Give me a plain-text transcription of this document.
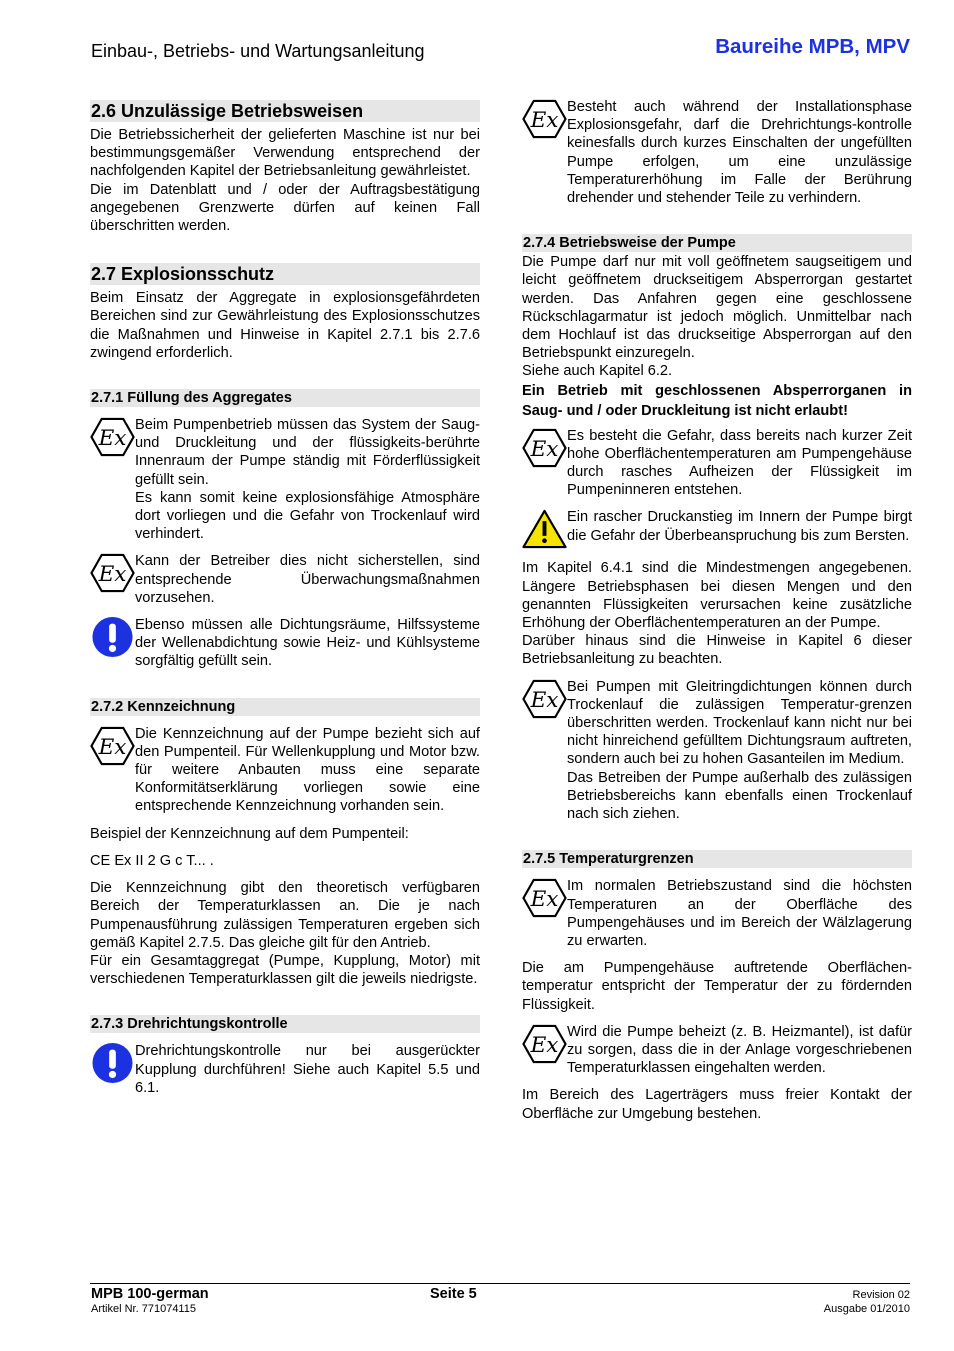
Einbau-, Betriebs- und Wartungsanleitung	Baureihe MPB, MPV
2.6 Unzulässige Betriebsweisen

Die Betriebssicherheit der gelieferten Maschine ist nur bei bestimmungsgemäßer Verwendung entsprechend der nachfolgenden Kapitel der Betriebsanleitung gewährleistet.

Die im Datenblatt und / oder der Auftragsbestätigung angegebenen Grenzwerte dürfen auf keinen Fall überschritten werden.

2.7 Explosionsschutz

Beim Einsatz der Aggregate in explosionsgefährdeten Bereichen sind zur Gewährleistung des Explosionsschutzes die Maßnahmen und Hinweise in Kapitel 2.7.1 bis 2.7.6 zwingend erforderlich.

2.7.1 Füllung des Aggregates

Beim Pumpenbetrieb müssen das System der Saug- und Druckleitung und der flüssigkeits-berührte Innenraum der Pumpe ständig mit Förderflüssigkeit gefüllt sein.

Es kann somit keine explosionsfähige Atmosphäre dort vorliegen und die Gefahr von Trockenlauf wird verhindert.

Kann der Betreiber dies nicht sicherstellen, sind entsprechende Überwachungsmaßnahmen vorzusehen.

Ebenso müssen alle Dichtungsräume, Hilfssysteme der Wellenabdichtung sowie Heiz- und Kühlsysteme sorgfältig gefüllt sein.

2.7.2 Kennzeichnung

Die Kennzeichnung auf der Pumpe bezieht sich auf den Pumpenteil. Für Wellenkupplung und Motor bzw. für weitere Anbauten muss eine separate Konformitätserklärung vorliegen sowie eine entsprechende Kennzeichnung vorhanden sein.

Beispiel der Kennzeichnung auf dem Pumpenteil:

CE Ex II 2 G c T... .

Die Kennzeichnung gibt den theoretisch verfügbaren Bereich der Temperaturklassen an. Die je nach Pumpenausführung zulässigen Temperaturen ergeben sich gemäß Kapitel 2.7.5. Das gleiche gilt für den Antrieb.

Für ein Gesamtaggregat (Pumpe, Kupplung, Motor) mit verschiedenen Temperaturklassen gilt die jeweils niedrigste.

2.7.3 Drehrichtungskontrolle

Drehrichtungskontrolle nur bei ausgerückter Kupplung durchführen! Siehe auch Kapitel 5.5 und 6.1.

Besteht auch während der Installationsphase Explosionsgefahr, darf die Drehrichtungs-kontrolle keinesfalls durch kurzes Einschalten der ungefüllten Pumpe erfolgen, um eine unzulässige Temperaturerhöhung im Falle der Berührung drehender und stehender Teile zu verhindern.

2.7.4 Betriebsweise der Pumpe

Die Pumpe darf nur mit voll geöffnetem saugseitigem und leicht geöffnetem druckseitigem Absperrorgan gestartet werden. Das Anfahren gegen eine geschlossene Rückschlagarmatur ist jedoch möglich. Unmittelbar nach dem Hochlauf ist das druckseitige Absperrorgan auf den Betriebspunkt einzuregeln.

Siehe auch Kapitel 6.2.

Ein Betrieb mit geschlossenen Absperrorganen in Saug- und / oder Druckleitung ist nicht erlaubt!

Es besteht die Gefahr, dass bereits nach kurzer Zeit hohe Oberflächentemperaturen am Pumpengehäuse durch rasches Aufheizen der Flüssigkeit im Pumpeninneren entstehen.

Ein rascher Druckanstieg im Innern der Pumpe birgt die Gefahr der Überbeanspruchung bis zum Bersten.

Im Kapitel 6.4.1 sind die Mindestmengen angegebenen. Längere Betriebsphasen bei diesen Mengen und den genannten Flüssigkeiten verursachen keine zusätzliche Erhöhung der Oberflächentemperaturen an der Pumpe.

Darüber hinaus sind die Hinweise in Kapitel 6 dieser Betriebsanleitung zu beachten.

Bei Pumpen mit Gleitringdichtungen können durch Trockenlauf die zulässigen Temperatur-grenzen überschritten werden. Trockenlauf kann nicht nur bei nicht hinreichend gefülltem Dichtungsraum auftreten, sondern auch bei zu hohen Gasanteilen im Medium.

Das Betreiben der Pumpe außerhalb des zulässigen Betriebsbereichs kann ebenfalls einen Trockenlauf nach sich ziehen.

2.7.5 Temperaturgrenzen

Im normalen Betriebszustand sind die höchsten Temperaturen an der Oberfläche des Pumpengehäuses und im Bereich der Wälzlagerung zu erwarten.

Die am Pumpengehäuse auftretende Oberflächen-temperatur entspricht der Temperatur der zu fördernden Flüssigkeit.

Wird die Pumpe beheizt (z. B. Heizmantel), ist dafür zu sorgen, dass die in der Anlage vorgeschriebenen Temperaturklassen eingehalten werden.

Im Bereich des Lagerträgers muss freier Kontakt der Oberfläche zur Umgebung bestehen.

MPB 100-german
Artikel Nr. 771074115
Seite 5	Revision 02
Ausgabe 01/2010
